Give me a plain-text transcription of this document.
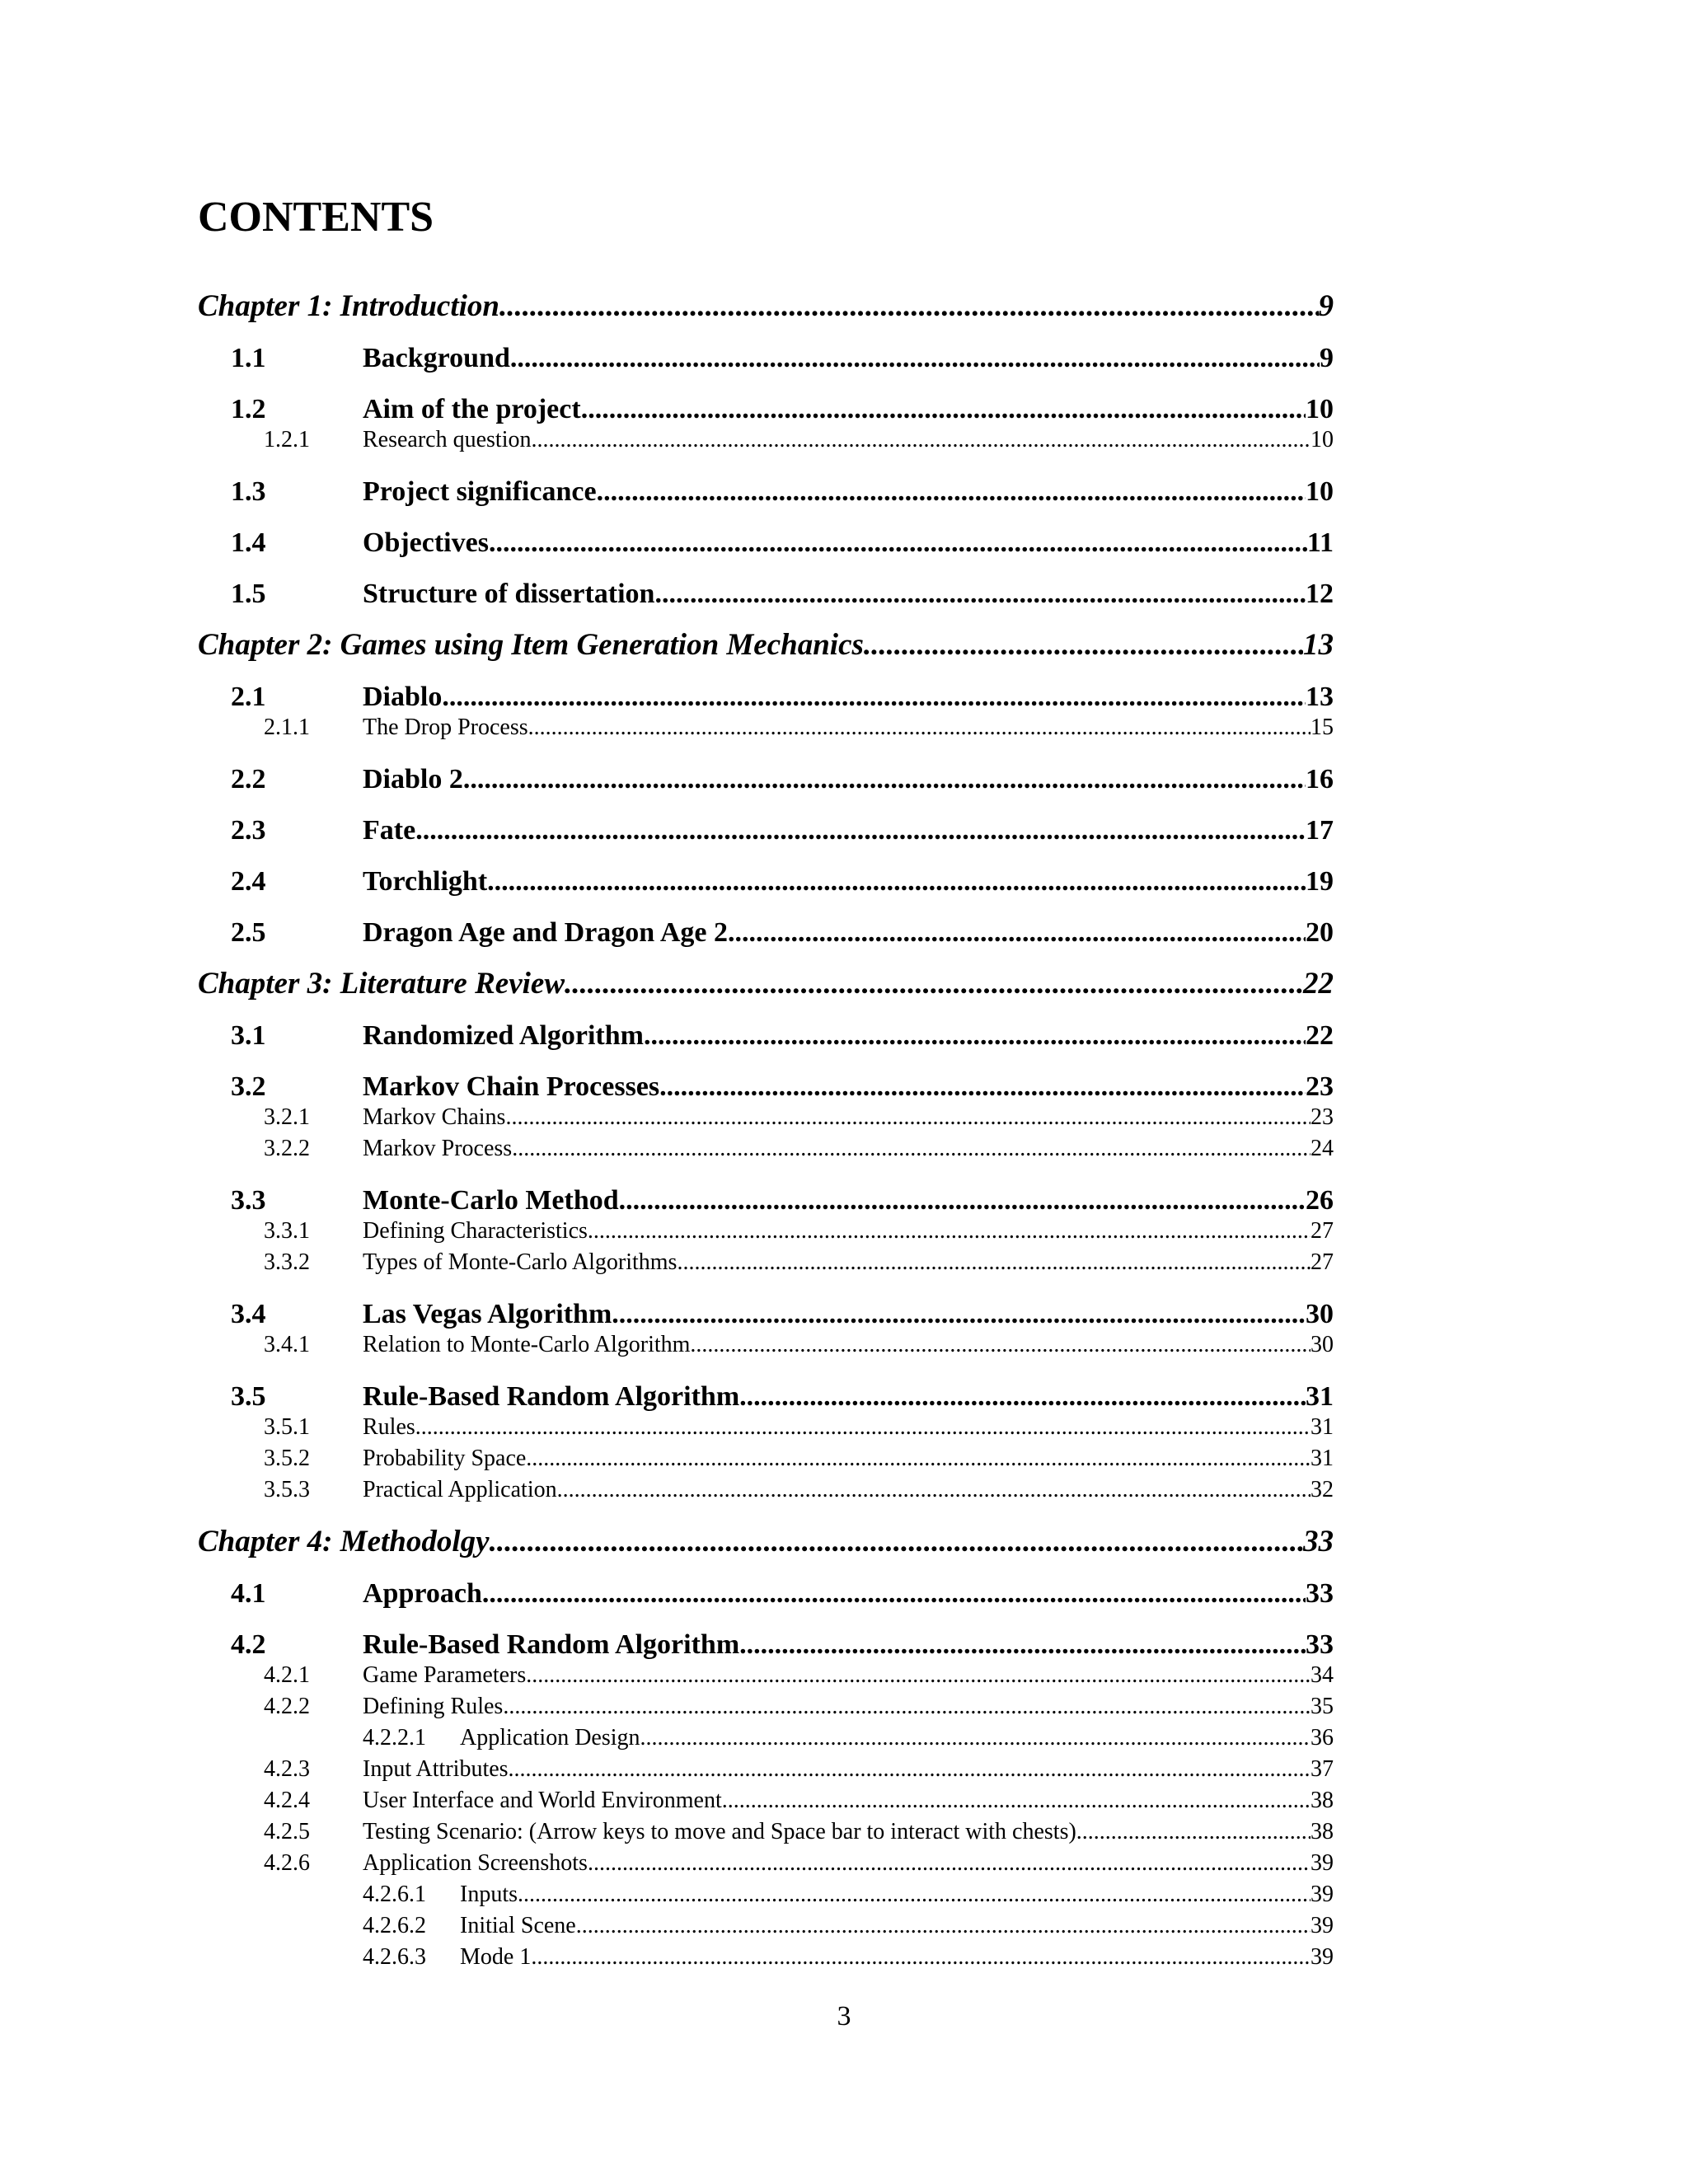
CONTENTS
Chapter 1: Introduction .....	9
1.1	Background .....	9
1.2	Aim of the project .....	10
1.2.1	Research question .....	10
1.3	Project significance .....	10
1.4	Objectives .....	11
1.5	Structure of dissertation .....	12
Chapter 2: Games using Item Generation Mechanics .....	13
2.1	Diablo .....	13
2.1.1	The Drop Process .....	15
2.2	Diablo 2 .....	16
2.3	Fate .....	17
2.4	Torchlight .....	19
2.5	Dragon Age and Dragon Age 2 .....	20
Chapter 3: Literature Review .....	22
3.1	Randomized Algorithm .....	22
3.2	Markov Chain Processes .....	23
3.2.1	Markov Chains .....	23
3.2.2	Markov Process .....	24
3.3	Monte-Carlo Method .....	26
3.3.1	Defining Characteristics .....	27
3.3.2	Types of Monte-Carlo Algorithms .....	27
3.4	Las Vegas Algorithm .....	30
3.4.1	Relation to Monte-Carlo Algorithm .....	30
3.5	Rule-Based Random Algorithm .....	31
3.5.1	Rules .....	31
3.5.2	Probability Space .....	31
3.5.3	Practical Application .....	32
Chapter 4: Methodolgy .....	33
4.1	Approach .....	33
4.2	Rule-Based Random Algorithm .....	33
4.2.1	Game Parameters .....	34
4.2.2	Defining Rules .....	35
4.2.2.1	Application Design .....	36
4.2.3	Input Attributes .....	37
4.2.4	User Interface and World Environment .....	38
4.2.5	Testing Scenario: (Arrow keys to move and Space bar to interact with chests) .....	38
4.2.6	Application Screenshots .....	39
4.2.6.1	Inputs .....	39
4.2.6.2	Initial Scene .....	39
4.2.6.3	Mode 1 .....	39
3
